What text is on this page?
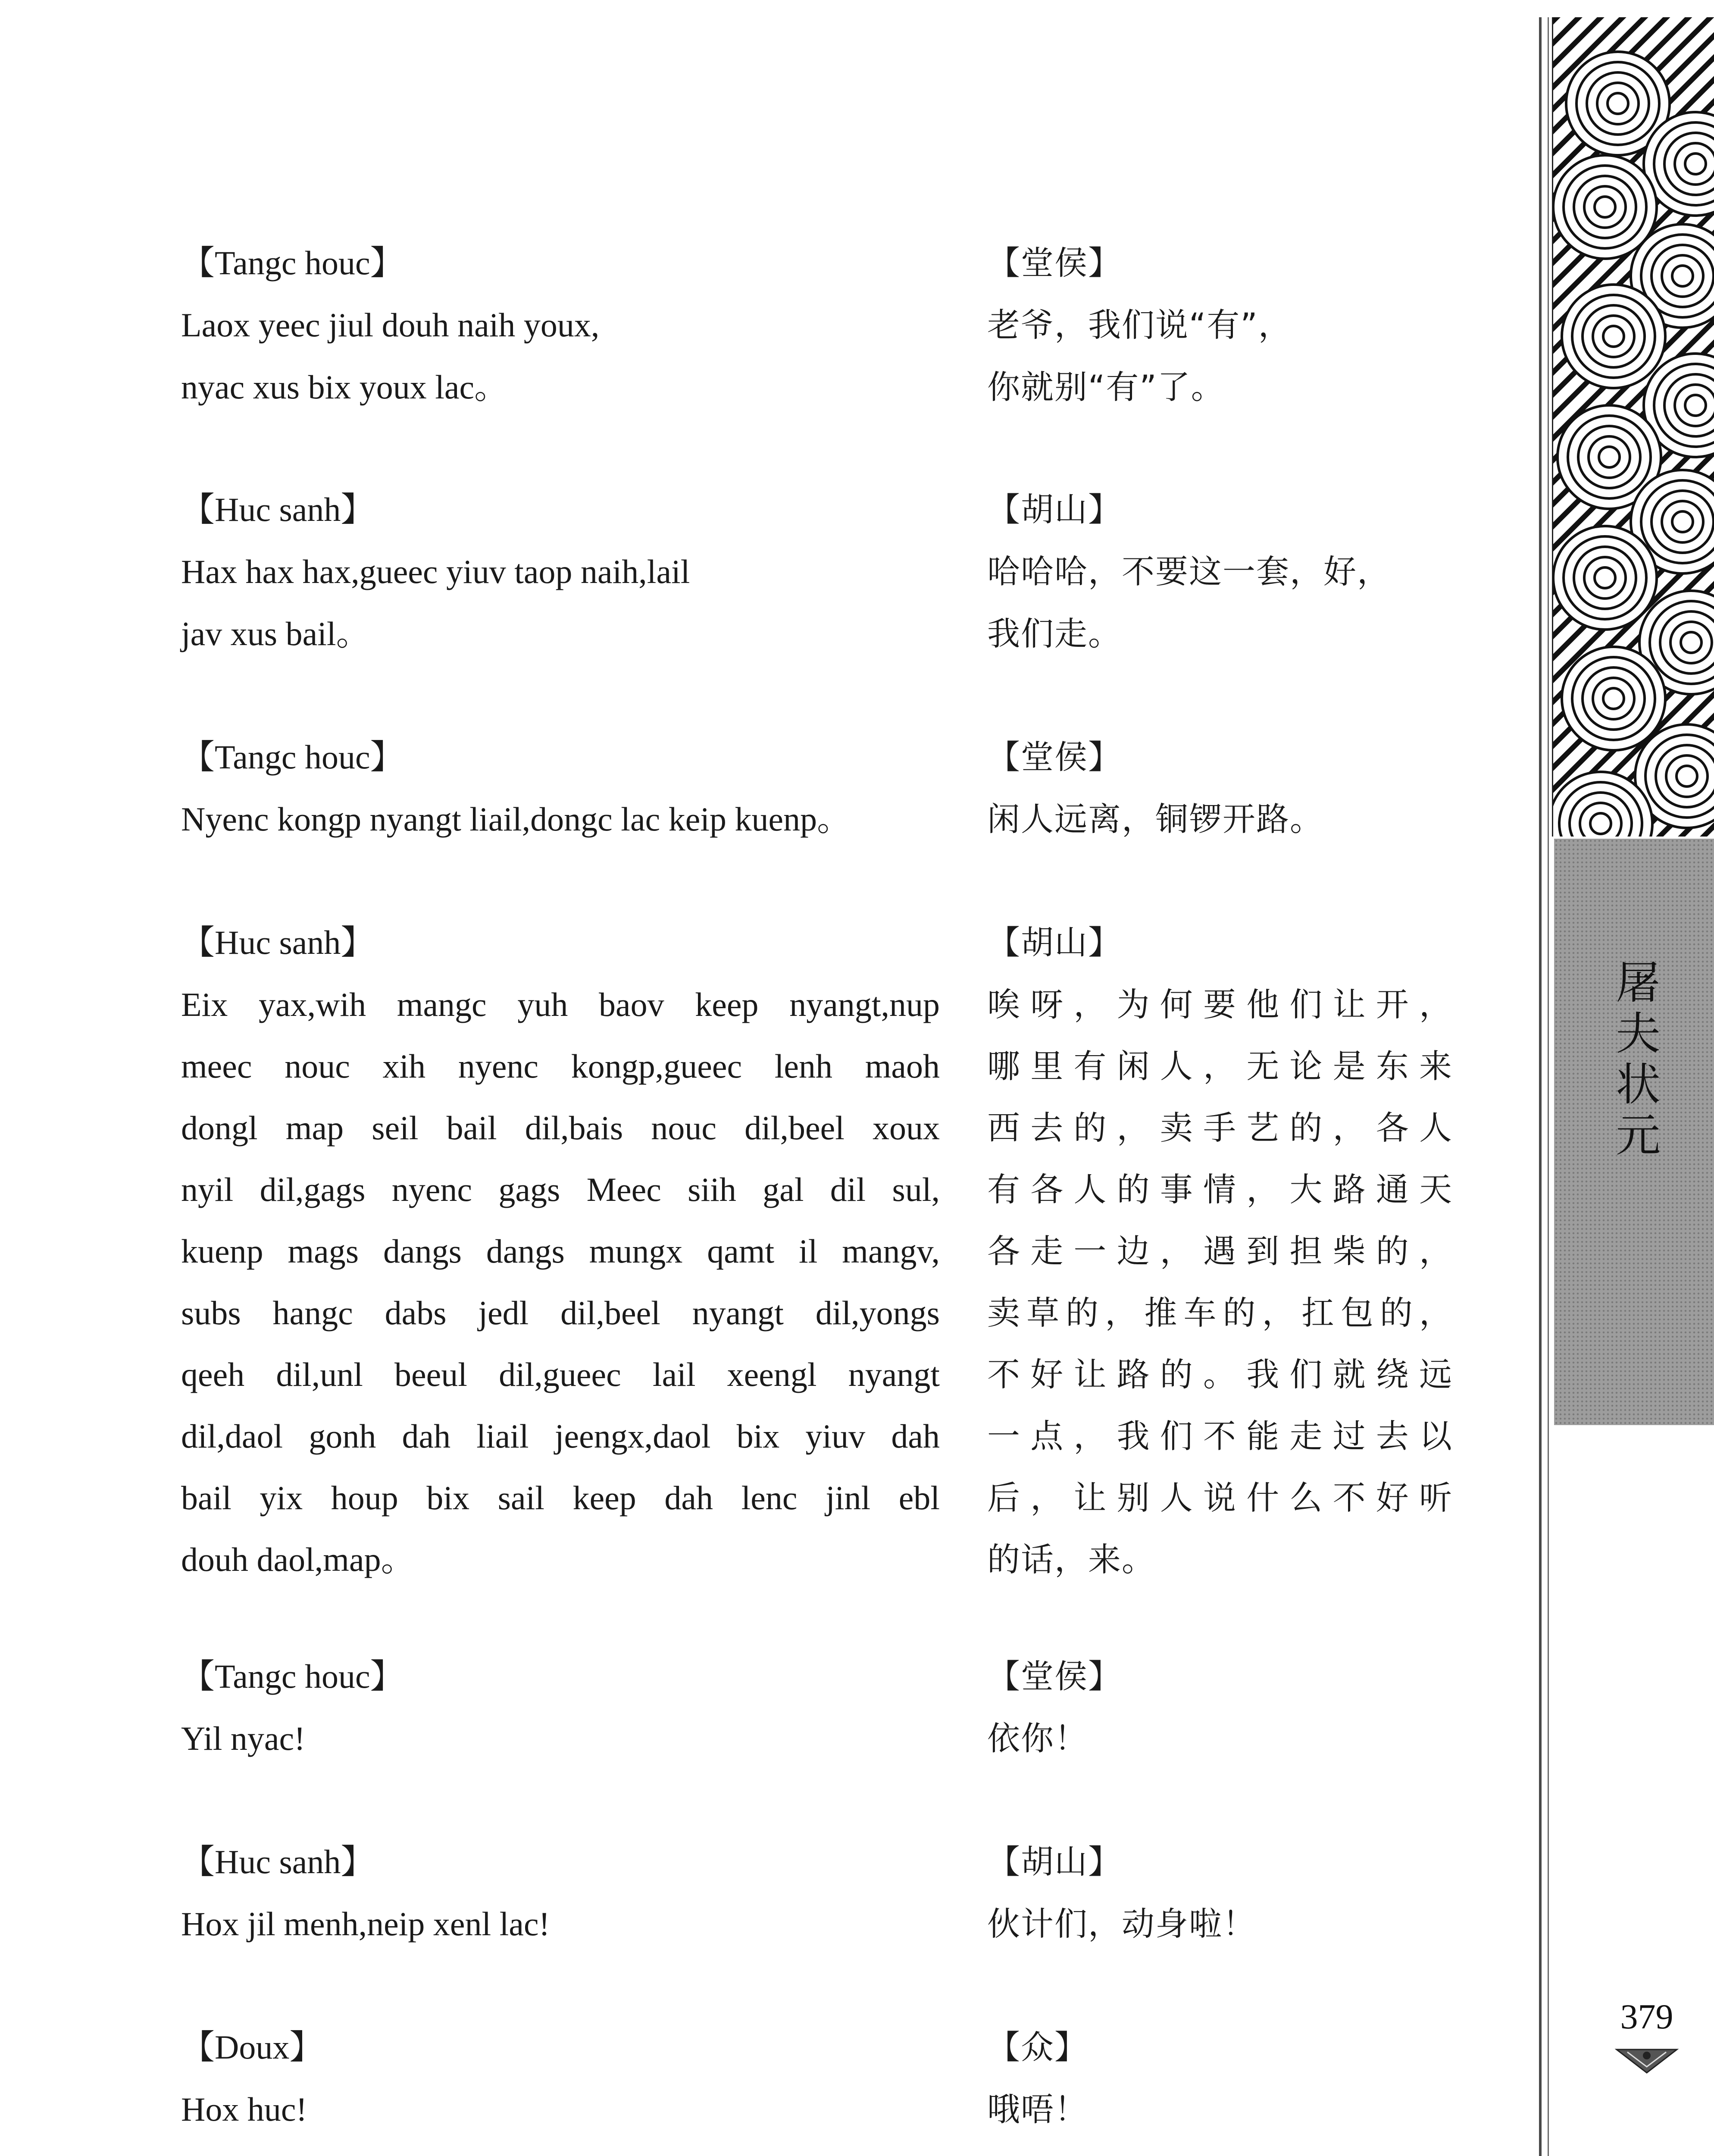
【Tangc houc】
Laox yeec jiul douh naih youx,
nyac xus bix youx lac。
【堂侯】
老爷，我们说“有”，
你就别“有”了。
【Huc sanh】
Hax hax hax,gueec yiuv taop naih,lail
jav xus bail。
【胡山】
哈哈哈，不要这一套，好，
我们走。
【Tangc houc】
Nyenc kongp nyangt liail,dongc lac keip kuenp。
【堂侯】
闲人远离，铜锣开路。
【Huc sanh】
Eix yax,wih mangc yuh baov keep nyangt,nup
meec nouc xih nyenc kongp,gueec lenh maoh
dongl map seil bail dil,bais nouc dil,beel xoux
nyil dil,gags nyenc gags Meec siih gal dil sul,
kuenp mags dangs dangs mungx qamt il mangv,
subs hangc dabs jedl dil,beel nyangt dil,yongs
qeeh dil,unl beeul dil,gueec lail xeengl nyangt
dil,daol gonh dah liail jeengx,daol bix yiuv dah
bail yix houp bix sail keep dah lenc jinl ebl
douh daol,map。
【胡山】
唉呀，为何要他们让开，
哪里有闲人，无论是东来
西去的，卖手艺的，各人
有各人的事情，大路通天
各走一边，遇到担柴的，
卖草的，推车的，扛包的，
不好让路的。我们就绕远
一点，我们不能走过去以
后，让别人说什么不好听
的话，来。
【Tangc houc】
Yil nyac!
【堂侯】
依你！
【Huc sanh】
Hox jil menh,neip xenl lac!
【胡山】
伙计们，动身啦！
【Doux】
Hox huc!
【众】
哦唔！
屠
夫
状
元
379
